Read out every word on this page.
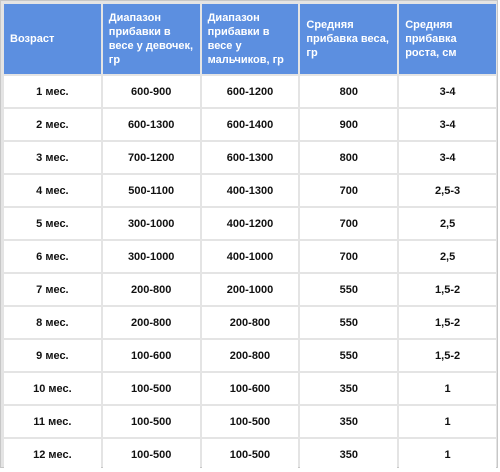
Возраст	Диапазон прибавки в весе у девочек, гр	Диапазон прибавки в весе у мальчиков, гр	Средняя прибавка веса, гр	Средняя прибавка роста, см
1 мес.	600-900	600-1200	800	3-4
2 мес.	600-1300	600-1400	900	3-4
3 мес.	700-1200	600-1300	800	3-4
4 мес.	500-1100	400-1300	700	2,5-3
5 мес.	300-1000	400-1200	700	2,5
6 мес.	300-1000	400-1000	700	2,5
7 мес.	200-800	200-1000	550	1,5-2
8 мес.	200-800	200-800	550	1,5-2
9 мес.	100-600	200-800	550	1,5-2
10 мес.	100-500	100-600	350	1
11 мес.	100-500	100-500	350	1
12 мес.	100-500	100-500	350	1
